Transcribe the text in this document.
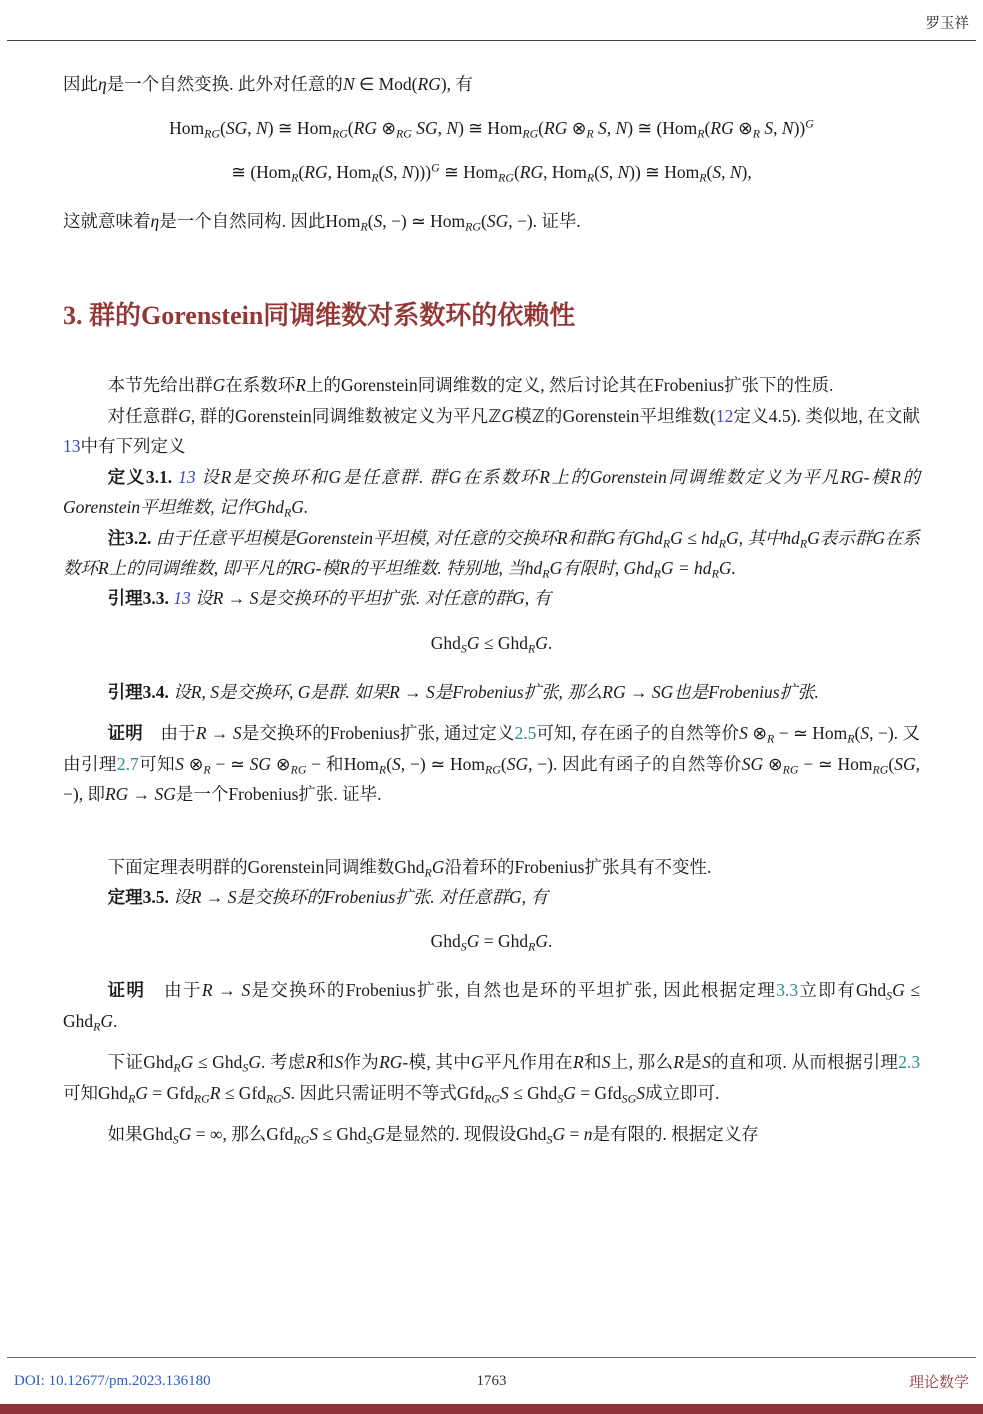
罗玉祥

因此η是一个自然变换. 此外对任意的N ∈ Mod(RG), 有

Hom$_{RG}$(SG, N) ≅ Hom$_{RG}$(RG $\otimes_{RG}$ SG, N) ≅ Hom$_{RG}$(RG $\otimes_R$ S, N) ≅ (Hom$_R$(RG $\otimes_R$ S, N))$^G$
≅ (Hom$_R$(RG, Hom$_R$(S, N)))$^G$ ≅ Hom$_{RG}$(RG, Hom$_R$(S, N)) ≅ Hom$_R$(S, N),

这就意味着η是一个自然同构. 因此Hom$_R$(S, −) ≃ Hom$_{RG}$(SG, −). 证毕.

3. 群的Gorenstein同调维数对系数环的依赖性

本节先给出群G在系数环R上的Gorenstein同调维数的定义, 然后讨论其在Frobenius扩张下的性质.

对任意群G, 群的Gorenstein同调维数被定义为平凡ℤG模ℤ的Gorenstein平坦维数(12定义4.5). 类似地, 在文献13中有下列定义

定义3.1. 13 设R是交换环和G是任意群. 群G在系数环R上的Gorenstein同调维数定义为平凡RG-模R的Gorenstein平坦维数, 记作Ghd$_R$G.

注3.2. 由于任意平坦模是Gorenstein平坦模, 对任意的交换环R和群G有$Ghd_RG \le hd_RG$, 其中$hd_RG$表示群G在系数环R上的同调维数, 即平凡的RG-模R的平坦维数. 特别地, 当$hd_RG$有限时, $Ghd_RG = hd_RG$.

引理3.3. 13 设R → S是交换环的平坦扩张. 对任意的群G, 有

Ghd$_S$G ≤ Ghd$_R$G.

引理3.4. 设R, S是交换环, G是群. 如果R → S是Frobenius扩张, 那么RG → SG也是Frobenius扩张.

证明　由于R → S是交换环的Frobenius扩张, 通过定义2.5可知, 存在函子的自然等价S $\otimes_R$ − ≃ Hom$_R$(S, −). 又由引理2.7可知S $\otimes_R$ − ≃ SG $\otimes_{RG}$ − 和Hom$_R$(S, −) ≃ Hom$_{RG}$(SG, −). 因此有函子的自然等价SG $\otimes_{RG}$ − ≃ Hom$_{RG}$(SG, −), 即RG → SG是一个Frobenius扩张. 证毕.

下面定理表明群的Gorenstein同调维数Ghd$_R$G沿着环的Frobenius扩张具有不变性.

定理3.5. 设R → S是交换环的Frobenius扩张. 对任意群G, 有

Ghd$_S$G = Ghd$_R$G.

证明　由于R → S是交换环的Frobenius扩张, 自然也是环的平坦扩张, 因此根据定理3.3立即有Ghd$_S$G ≤ Ghd$_R$G.

下证Ghd$_R$G ≤ Ghd$_S$G. 考虑R和S作为RG-模, 其中G平凡作用在R和S上, 那么R是S的直和项. 从而根据引理2.3可知Ghd$_R$G = Gfd$_{RG}$R ≤ Gfd$_{RG}$S. 因此只需证明不等式Gfd$_{RG}$S ≤ Ghd$_S$G = Gfd$_{SG}$S成立即可.

如果Ghd$_S$G = ∞, 那么Gfd$_{RG}$S ≤ Ghd$_S$G是显然的. 现假设Ghd$_S$G = n是有限的. 根据定义存

DOI: 10.12677/pm.2023.136180	1763	理论数学
